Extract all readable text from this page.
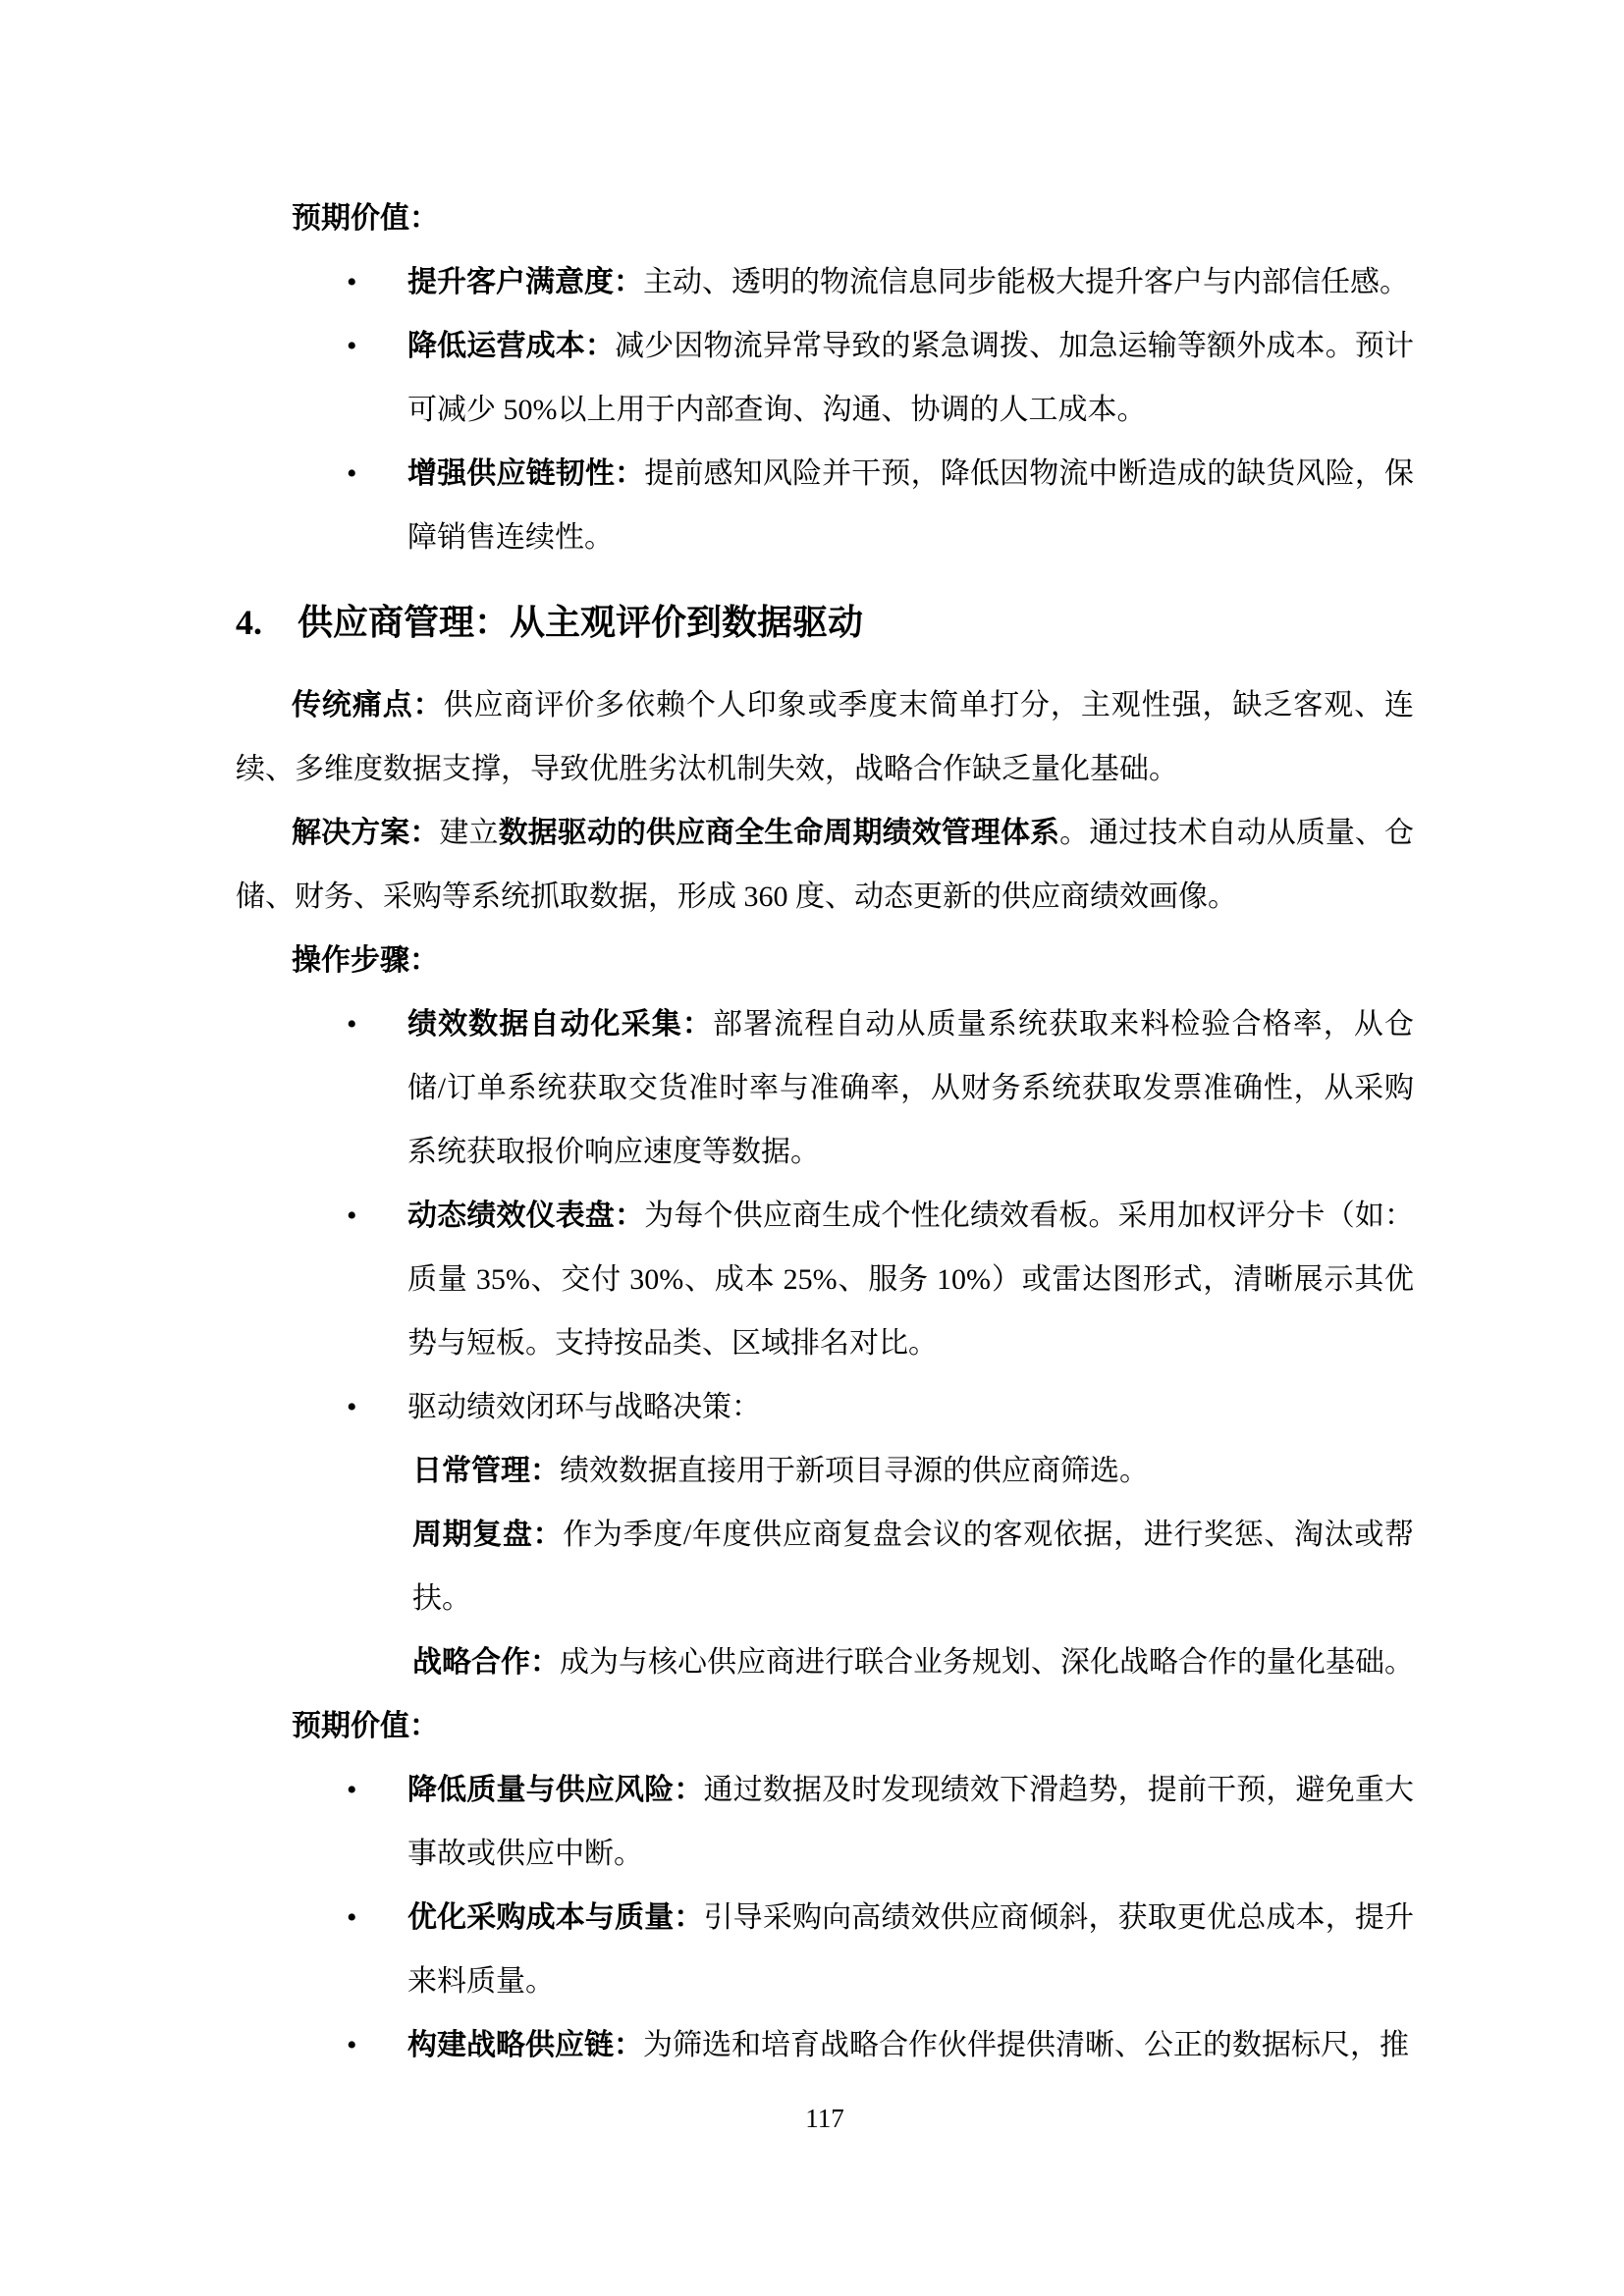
预期价值：

• 提升客户满意度：主动、透明的物流信息同步能极大提升客户与内部信任感。
• 降低运营成本：减少因物流异常导致的紧急调拨、加急运输等额外成本。预计可减少 50%以上用于内部查询、沟通、协调的人工成本。
• 增强供应链韧性：提前感知风险并干预，降低因物流中断造成的缺货风险，保障销售连续性。
4. 供应商管理：从主观评价到数据驱动

传统痛点：供应商评价多依赖个人印象或季度末简单打分，主观性强，缺乏客观、连续、多维度数据支撑，导致优胜劣汰机制失效，战略合作缺乏量化基础。

解决方案：建立数据驱动的供应商全生命周期绩效管理体系。通过技术自动从质量、仓储、财务、采购等系统抓取数据，形成 360 度、动态更新的供应商绩效画像。

操作步骤：

• 绩效数据自动化采集：部署流程自动从质量系统获取来料检验合格率，从仓储/订单系统获取交货准时率与准确率，从财务系统获取发票准确性，从采购系统获取报价响应速度等数据。
• 动态绩效仪表盘：为每个供应商生成个性化绩效看板。采用加权评分卡（如：质量 35%、交付 30%、成本 25%、服务 10%）或雷达图形式，清晰展示其优势与短板。支持按品类、区域排名对比。
• 驱动绩效闭环与战略决策：

日常管理：绩效数据直接用于新项目寻源的供应商筛选。

周期复盘：作为季度/年度供应商复盘会议的客观依据，进行奖惩、淘汰或帮扶。

战略合作：成为与核心供应商进行联合业务规划、深化战略合作的量化基础。

预期价值：

• 降低质量与供应风险：通过数据及时发现绩效下滑趋势，提前干预，避免重大事故或供应中断。
• 优化采购成本与质量：引导采购向高绩效供应商倾斜，获取更优总成本，提升来料质量。
• 构建战略供应链：为筛选和培育战略合作伙伴提供清晰、公正的数据标尺，推
117
